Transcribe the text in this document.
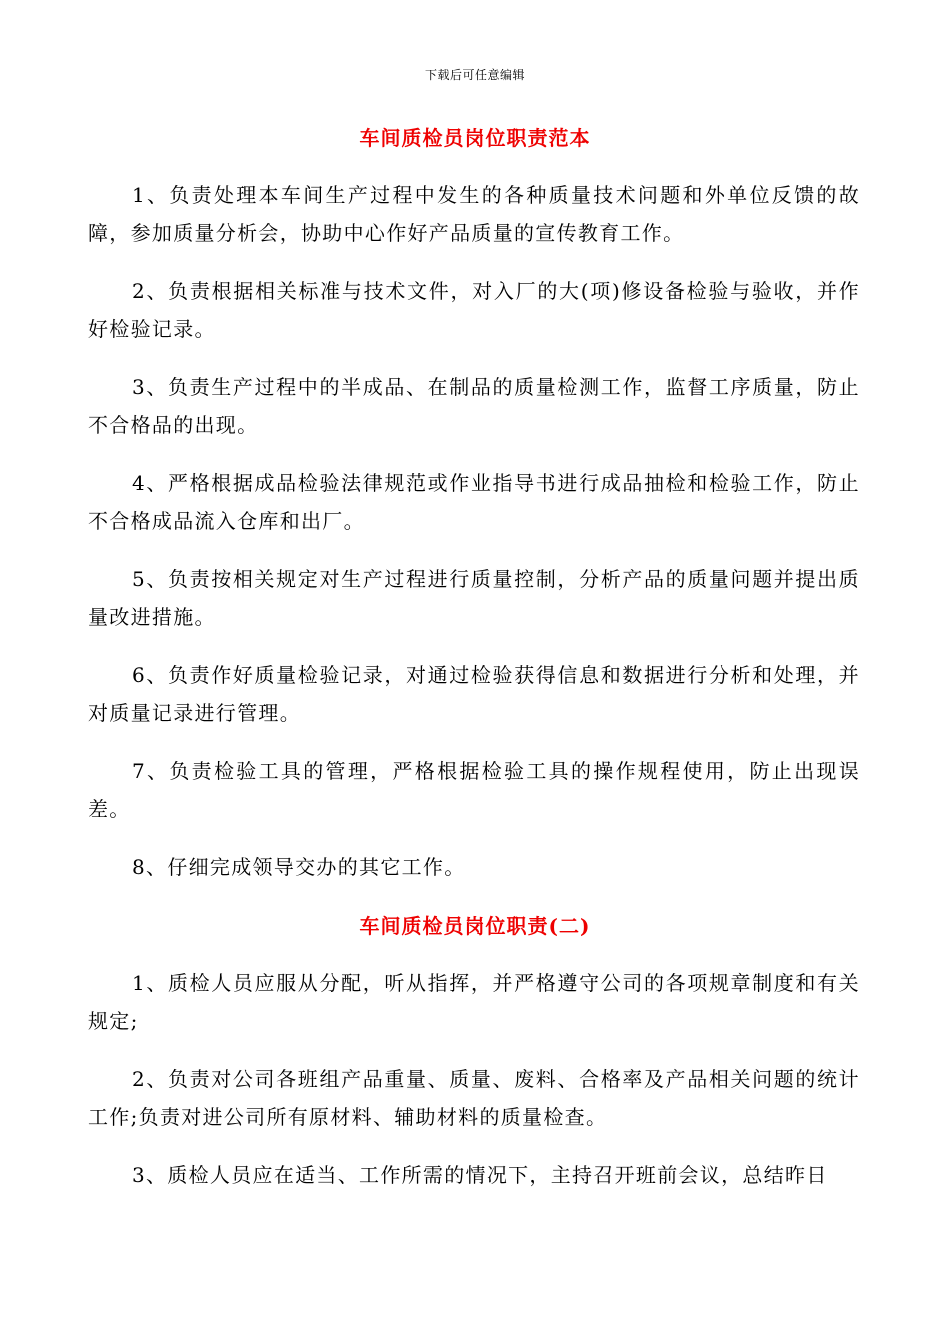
下载后可任意编辑
车间质检员岗位职责范本
1、负责处理本车间生产过程中发生的各种质量技术问题和外单位反馈的故障，参加质量分析会，协助中心作好产品质量的宣传教育工作。
2、负责根据相关标准与技术文件，对入厂的大(项)修设备检验与验收，并作好检验记录。
3、负责生产过程中的半成品、在制品的质量检测工作，监督工序质量，防止不合格品的出现。
4、严格根据成品检验法律规范或作业指导书进行成品抽检和检验工作，防止不合格成品流入仓库和出厂。
5、负责按相关规定对生产过程进行质量控制，分析产品的质量问题并提出质量改进措施。
6、负责作好质量检验记录，对通过检验获得信息和数据进行分析和处理，并对质量记录进行管理。
7、负责检验工具的管理，严格根据检验工具的操作规程使用，防止出现误差。
8、仔细完成领导交办的其它工作。
车间质检员岗位职责(二)
1、质检人员应服从分配，听从指挥，并严格遵守公司的各项规章制度和有关规定;
2、负责对公司各班组产品重量、质量、废料、合格率及产品相关问题的统计工作;负责对进公司所有原材料、辅助材料的质量检查。
3、质检人员应在适当、工作所需的情况下，主持召开班前会议，总结昨日
